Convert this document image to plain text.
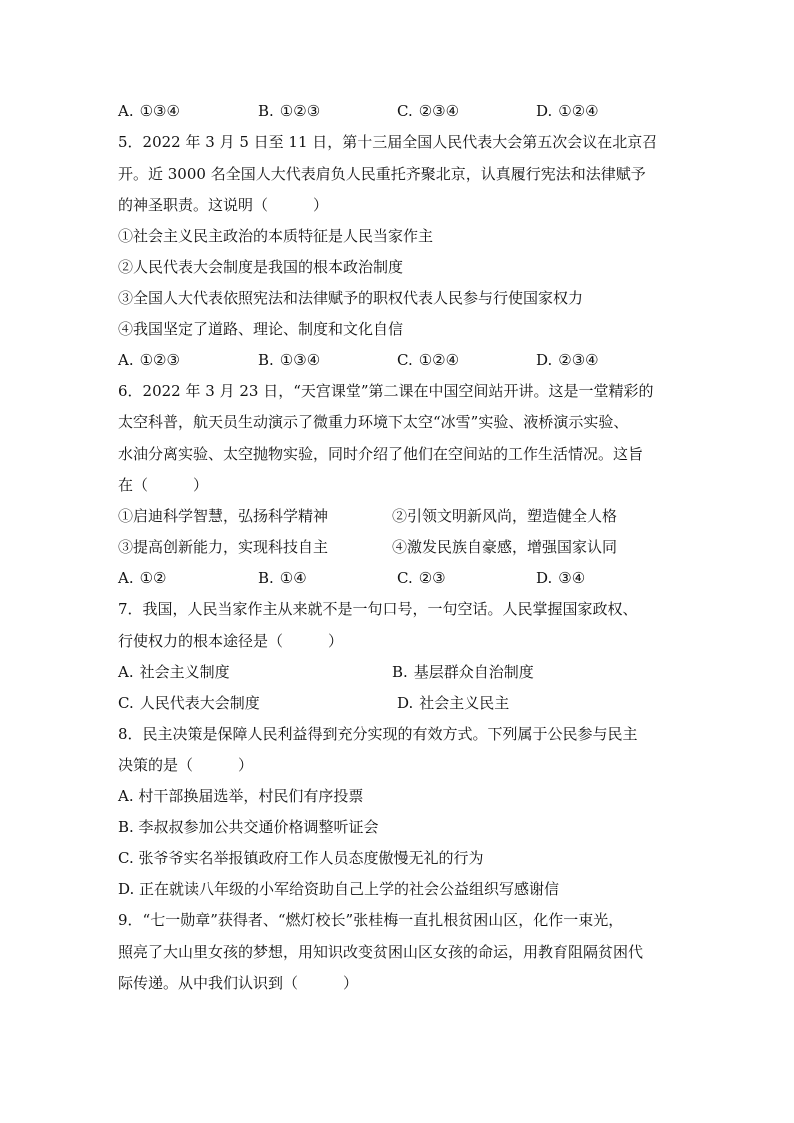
A. ①③④	B. ①②③	C. ②③④	D. ①②④
5．2022 年 3 月 5 日至 11 日，第十三届全国人民代表大会第五次会议在北京召
开。近 3000 名全国人大代表肩负人民重托齐聚北京，认真履行宪法和法律赋予
的神圣职责。这说明（　　　）
①社会主义民主政治的本质特征是人民当家作主
②人民代表大会制度是我国的根本政治制度
③全国人大代表依照宪法和法律赋予的职权代表人民参与行使国家权力
④我国坚定了道路、理论、制度和文化自信
A. ①②③	B. ①③④	C. ①②④	D. ②③④
6．2022 年 3 月 23 日，“天宫课堂”第二课在中国空间站开讲。这是一堂精彩的
太空科普，航天员生动演示了微重力环境下太空“冰雪”实验、液桥演示实验、
水油分离实验、太空抛物实验，同时介绍了他们在空间站的工作生活情况。这旨
在（　　　）
①启迪科学智慧，弘扬科学精神	②引领文明新风尚，塑造健全人格
③提高创新能力，实现科技自主	④激发民族自豪感，增强国家认同
A. ①②	B. ①④	C. ②③	D. ③④
7．我国，人民当家作主从来就不是一句口号，一句空话。人民掌握国家政权、
行使权力的根本途径是（　　　）
A. 社会主义制度	B. 基层群众自治制度
C. 人民代表大会制度	D. 社会主义民主
8．民主决策是保障人民利益得到充分实现的有效方式。下列属于公民参与民主
决策的是（　　　）
A. 村干部换届选举，村民们有序投票
B. 李叔叔参加公共交通价格调整听证会
C. 张爷爷实名举报镇政府工作人员态度傲慢无礼的行为
D. 正在就读八年级的小军给资助自己上学的社会公益组织写感谢信
9．“七一勋章”获得者、“燃灯校长”张桂梅一直扎根贫困山区，化作一束光，
照亮了大山里女孩的梦想，用知识改变贫困山区女孩的命运，用教育阻隔贫困代
际传递。从中我们认识到（　　　）
